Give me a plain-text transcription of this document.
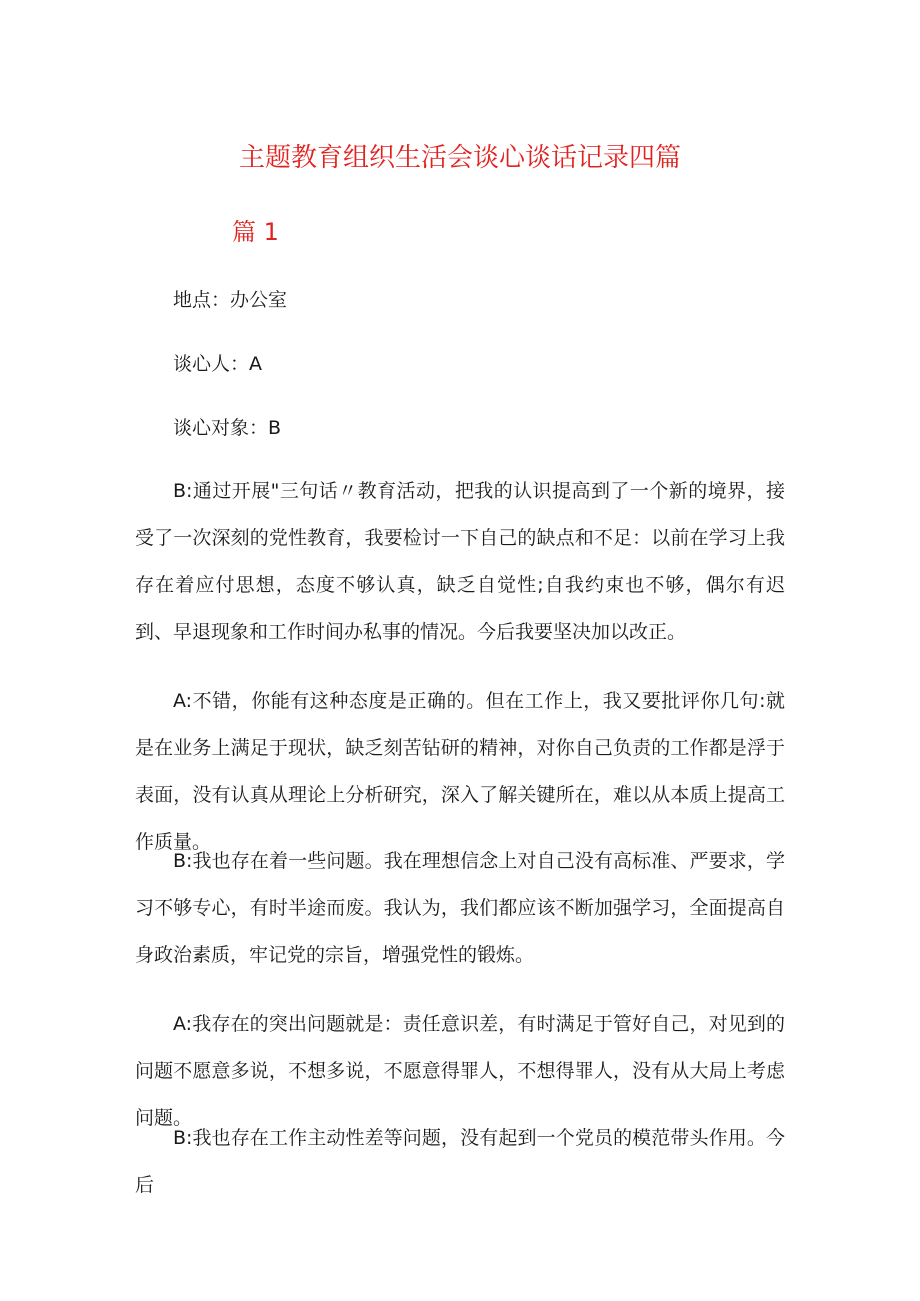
主题教育组织生活会谈心谈话记录四篇
篇 1
地点：办公室
谈心人：A
谈心对象：B
B:通过开展"三句话〃教育活动，把我的认识提高到了一个新的境界，接受了一次深刻的党性教育，我要检讨一下自己的缺点和不足：以前在学习上我存在着应付思想，态度不够认真，缺乏自觉性;自我约束也不够，偶尔有迟到、早退现象和工作时间办私事的情况。今后我要坚决加以改正。
A:不错，你能有这种态度是正确的。但在工作上，我又要批评你几句:就是在业务上满足于现状，缺乏刻苦钻研的精神，对你自己负责的工作都是浮于表面，没有认真从理论上分析研究，深入了解关键所在，难以从本质上提高工作质量。
B:我也存在着一些问题。我在理想信念上对自己没有高标准、严要求，学习不够专心，有时半途而废。我认为，我们都应该不断加强学习，全面提高自身政治素质，牢记党的宗旨，增强党性的锻炼。
A:我存在的突出问题就是：责任意识差，有时满足于管好自己，对见到的问题不愿意多说，不想多说，不愿意得罪人，不想得罪人，没有从大局上考虑问题。
B:我也存在工作主动性差等问题，没有起到一个党员的模范带头作用。今后
